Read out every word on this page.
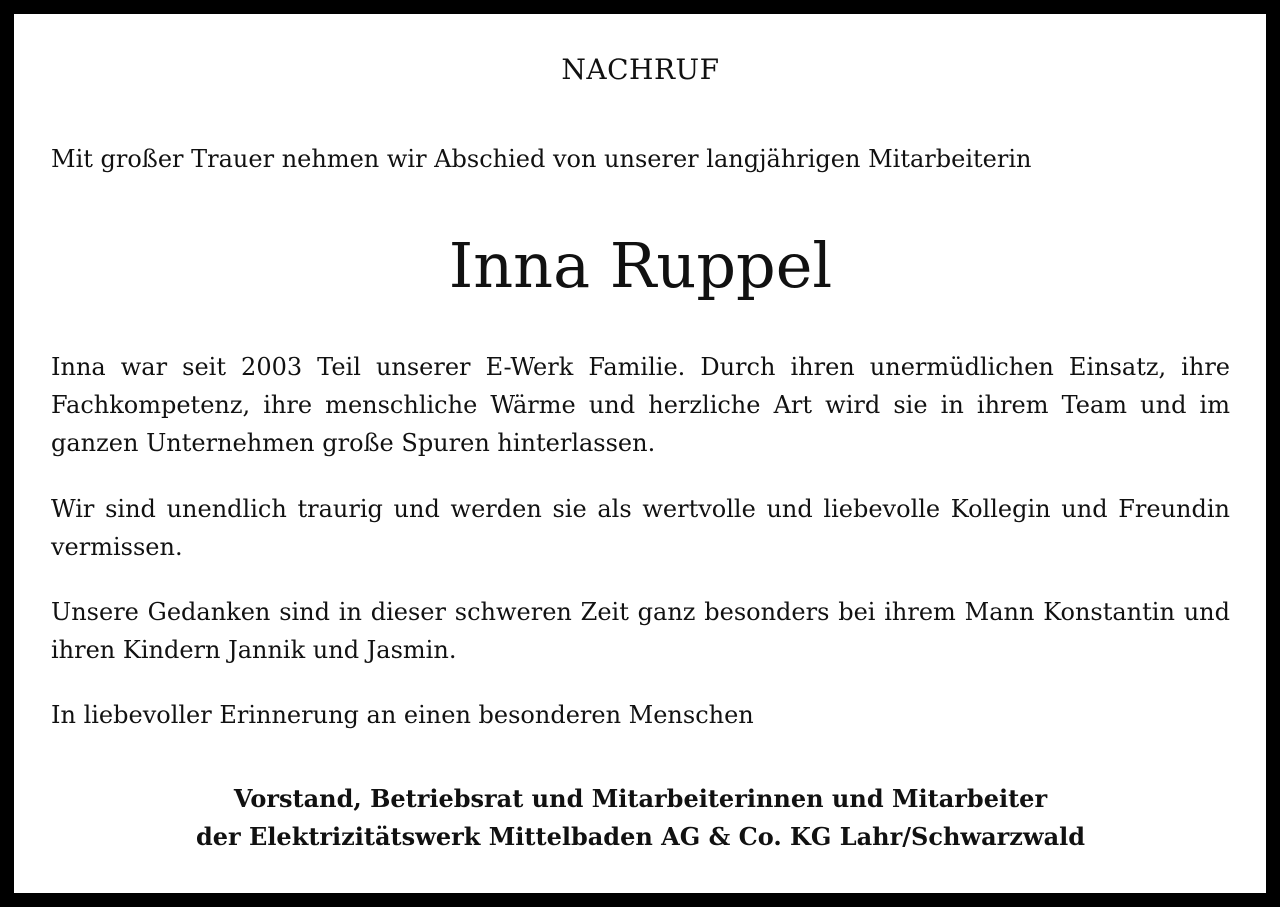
NACHRUF

Mit großer Trauer nehmen wir Abschied von unserer langjährigen Mitarbeiterin

Inna Ruppel

Inna war seit 2003 Teil unserer E-Werk Familie. Durch ihren unermüdlichen Einsatz, ihre Fachkompetenz, ihre menschliche Wärme und herzliche Art wird sie in ihrem Team und im ganzen Unternehmen große Spuren hinterlassen.

Wir sind unendlich traurig und werden sie als wertvolle und liebevolle Kollegin und Freundin vermissen.

Unsere Gedanken sind in dieser schweren Zeit ganz besonders bei ihrem Mann Konstantin und ihren Kindern Jannik und Jasmin.

In liebevoller Erinnerung an einen besonderen Menschen

Vorstand, Betriebsrat und Mitarbeiterinnen und Mitarbeiter
der Elektrizitätswerk Mittelbaden AG & Co. KG Lahr/Schwarzwald
